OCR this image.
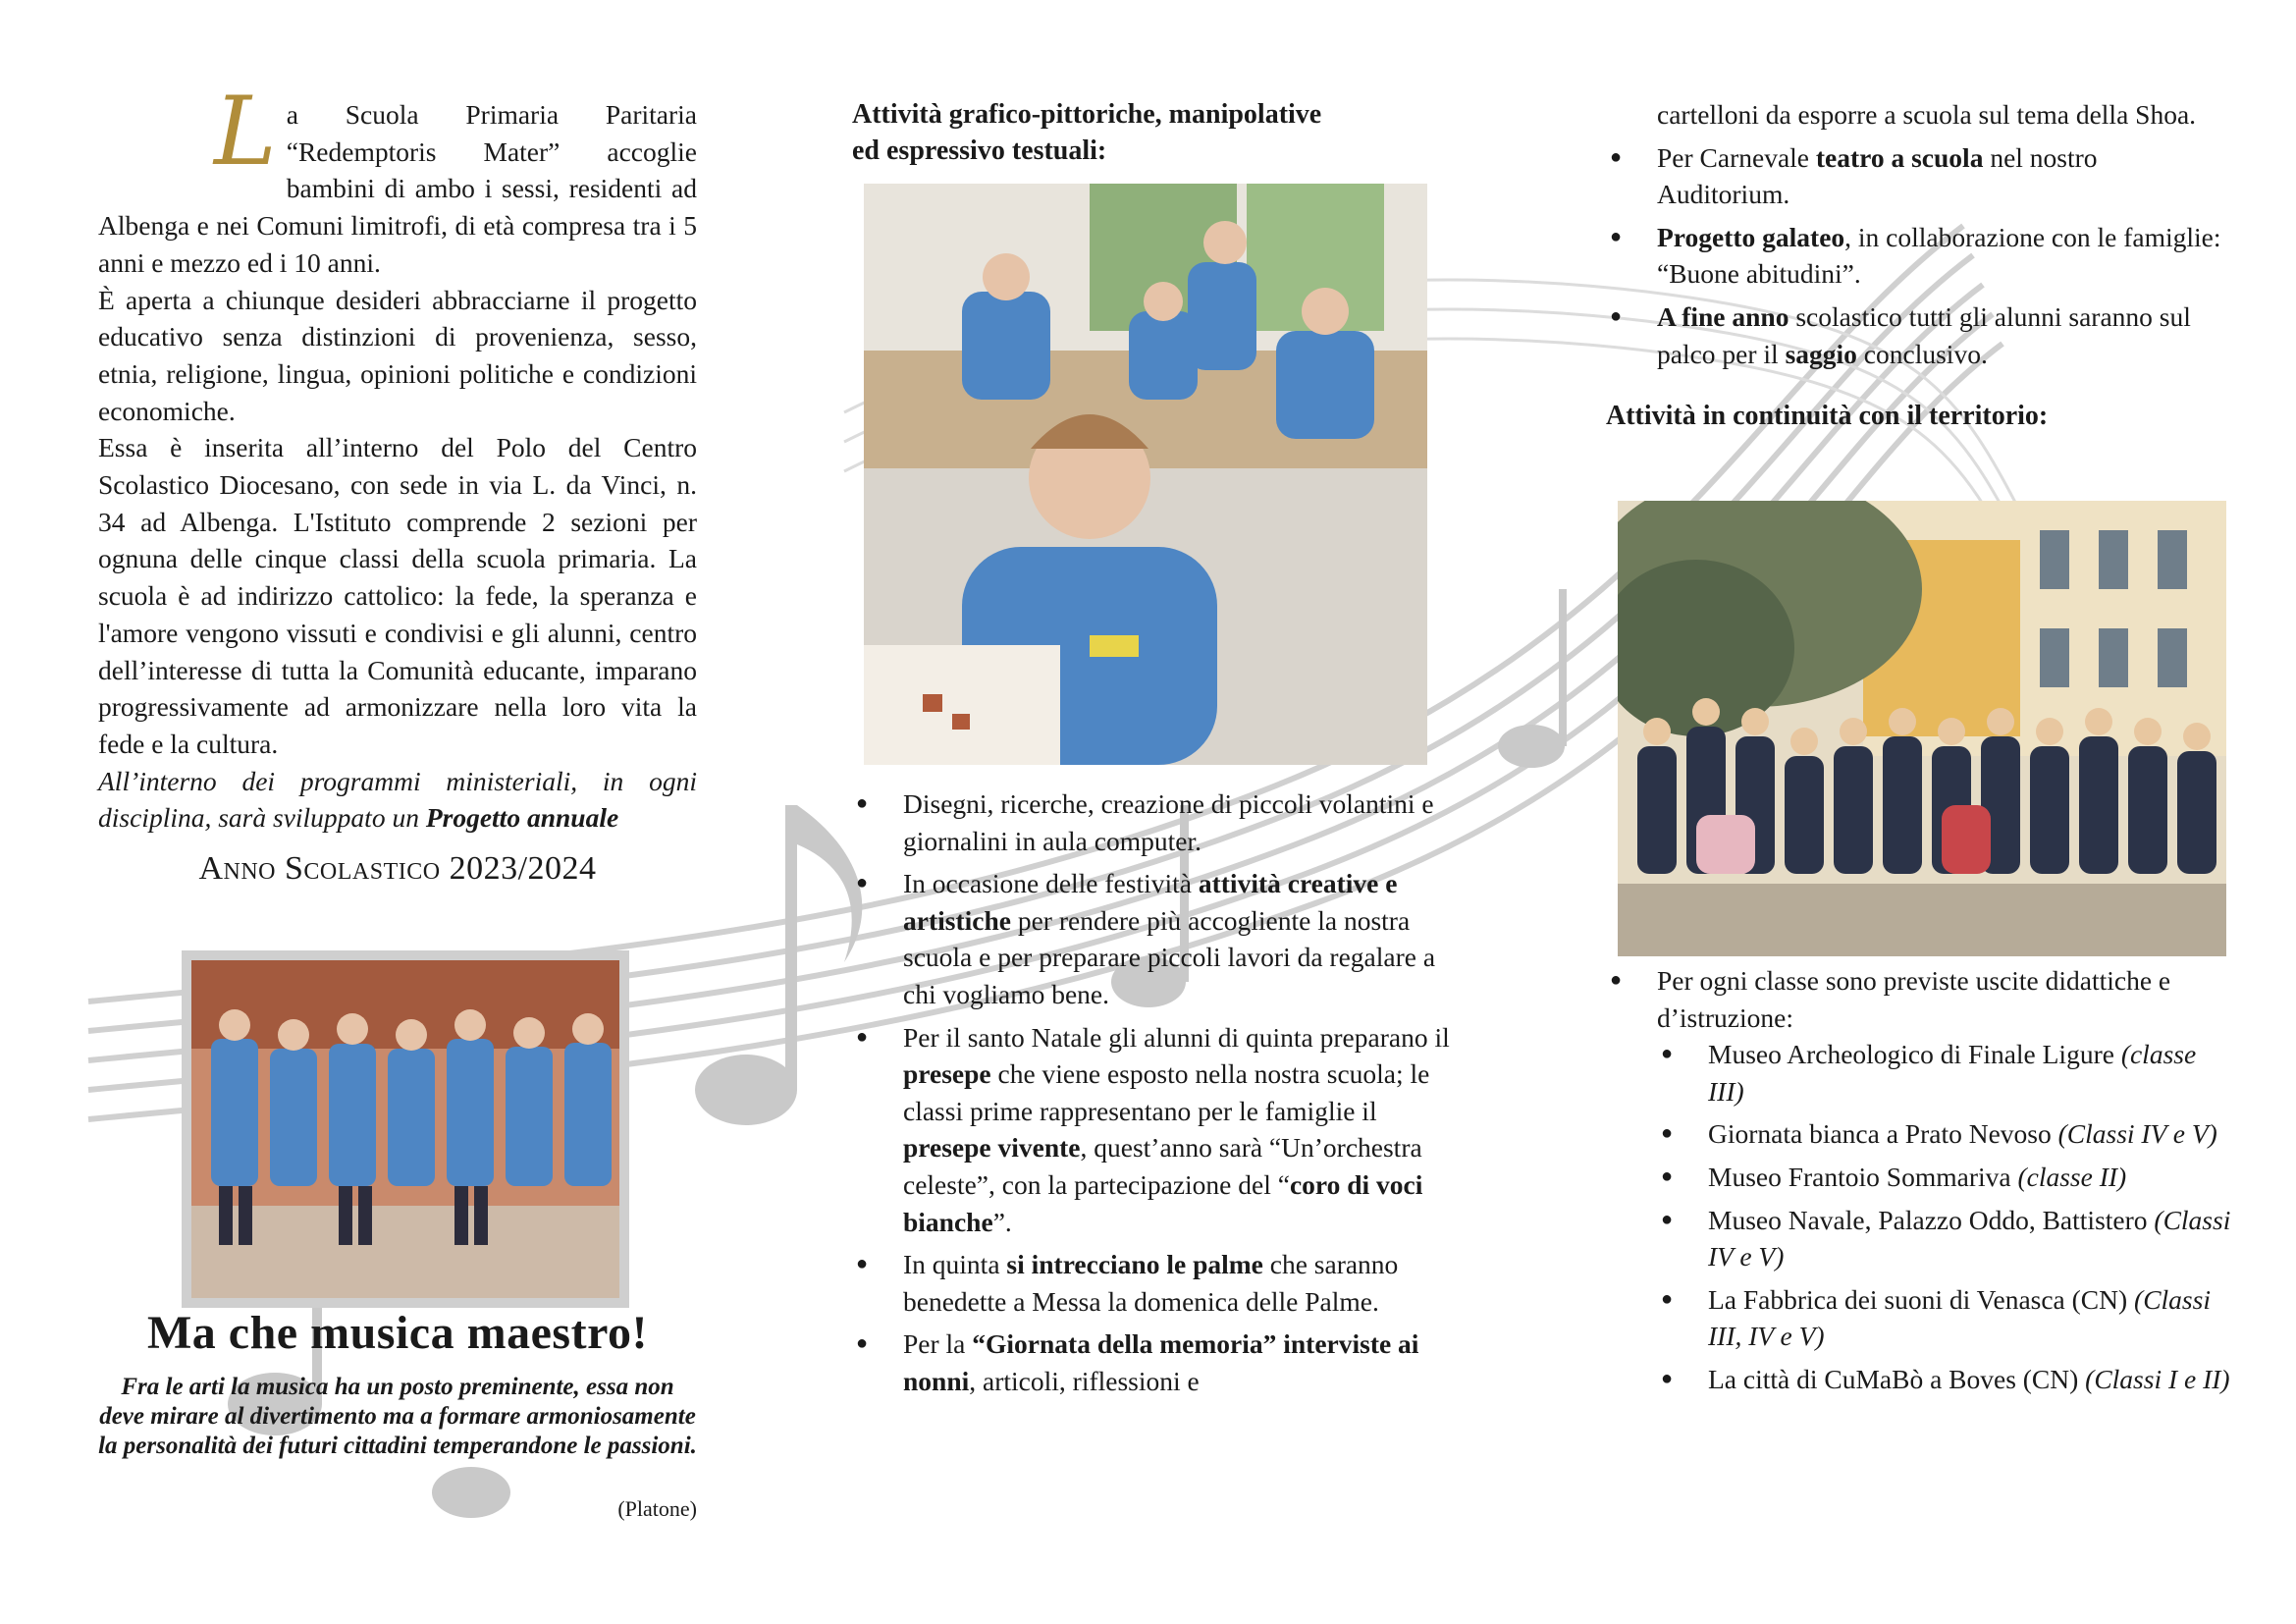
La Scuola Primaria Paritaria “Redemptoris Mater” accoglie bambini di ambo i sessi, residenti ad Albenga e nei Comuni limitrofi, di età compresa tra i 5 anni e mezzo ed i 10 anni.

È aperta a chiunque desideri abbracciarne il progetto educativo senza distinzioni di provenienza, sesso, etnia, religione, lingua, opinioni politiche e condizioni economiche.

Essa è inserita all’interno del Polo del Centro Scolastico Diocesano, con sede in via L. da Vinci, n. 34 ad Albenga. L'Istituto comprende 2 sezioni per ognuna delle cinque classi della scuola primaria. La scuola è ad indirizzo cattolico: la fede, la speranza e l'amore vengono vissuti e condivisi e gli alunni, centro dell’interesse di tutta la Comunità educante, imparano progressivamente ad armonizzare nella loro vita la fede e la cultura.

All’interno dei programmi ministeriali, in ogni disciplina, sarà sviluppato un Progetto annuale

Anno Scolastico 2023/2024

Ma che musica maestro!
Fra le arti la musica ha un posto preminente, essa non deve mirare al divertimento ma a formare armoniosamente la personalità dei futuri cittadini temperandone le passioni.
(Platone)

Attività grafico-pittoriche, manipolative
ed espressivo testuali:

● Disegni, ricerche, creazione di piccoli volantini e giornalini in aula computer.
● In occasione delle festività attività creative e artistiche per rendere più accogliente la nostra scuola e per preparare piccoli lavori da regalare a chi vogliamo bene.
● Per il santo Natale gli alunni di quinta preparano il presepe che viene esposto nella nostra scuola; le classi prime rappresentano per le famiglie il presepe vivente, quest’anno sarà “Un’orchestra celeste”, con la partecipazione del “coro di voci bianche”.
● In quinta si intrecciano le palme che saranno benedette a Messa la domenica delle Palme.
● Per la “Giornata della memoria” interviste ai nonni, articoli, riflessioni e

cartelloni da esporre a scuola sul tema della Shoa.

● Per Carnevale teatro a scuola nel nostro Auditorium.
● Progetto galateo, in collaborazione con le famiglie: “Buone abitudini”.
● A fine anno scolastico tutti gli alunni saranno sul palco per il saggio conclusivo.

Attività in continuità con il territorio:

● Per ogni classe sono previste uscite didattiche e d’istruzione:
● Museo Archeologico di Finale Ligure (classe III)
● Giornata bianca a Prato Nevoso (Classi IV e V)
● Museo Frantoio Sommariva (classe II)
● Museo Navale, Palazzo Oddo, Battistero (Classi IV e V)
● La Fabbrica dei suoni di Venasca (CN) (Classi III, IV e V)
● La città di CuMaBò a Boves (CN) (Classi I e II)
